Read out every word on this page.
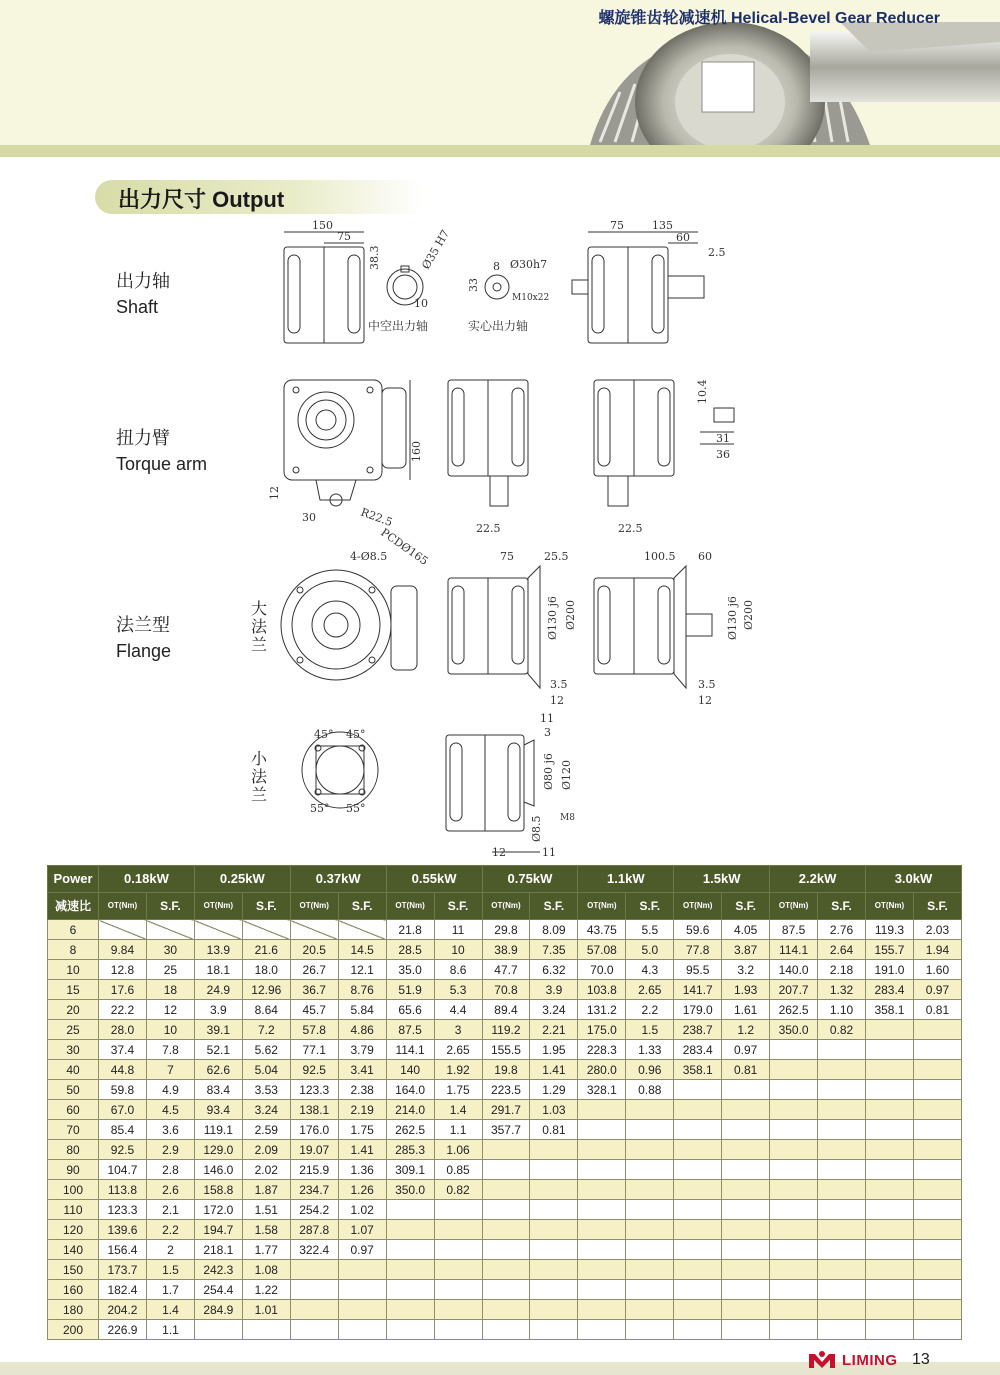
螺旋锥齿轮减速机 Helical-Bevel Gear Reducer
出力尺寸 Output
出力轴
Shaft
扭力臂
Torque arm
法兰型
Flange
大
法
兰
小
法
兰
150
75
38.3	Ø35 H7
10
中空出力轴
33
8 Ø30h7
M10x22
实心出力轴
75	135
60
2.5
160
12
30	R22.5	22.5	22.5
10.4
31
36
PCDØ165
4-Ø8.5	75	25.5
Ø130 j6 Ø200
3.5
12
100.5 60
Ø130 j6 Ø200
3.5
12
45° 45°
55° 55°
11
3
Ø80 j6 Ø120
M8
Ø8.5
12	11
Power	0.18kW		0.25kW		0.37kW		0.55kW		0.75kW		1.1kW		1.5kW		2.2kW		3.0kW	
减速比	OT(Nm)	S.F.	OT(Nm)	S.F.	OT(Nm)	S.F.	OT(Nm)	S.F.	OT(Nm)	S.F.	OT(Nm)	S.F.	OT(Nm)	S.F.	OT(Nm)	S.F.	OT(Nm)	S.F.
6							21.8	11	29.8	8.09	43.75	5.5	59.6	4.05	87.5	2.76	119.3	2.03
8	9.84	30	13.9	21.6	20.5	14.5	28.5	10	38.9	7.35	57.08	5.0	77.8	3.87	114.1	2.64	155.7	1.94
10	12.8	25	18.1	18.0	26.7	12.1	35.0	8.6	47.7	6.32	70.0	4.3	95.5	3.2	140.0	2.18	191.0	1.60
15	17.6	18	24.9	12.96	36.7	8.76	51.9	5.3	70.8	3.9	103.8	2.65	141.7	1.93	207.7	1.32	283.4	0.97
20	22.2	12	3.9	8.64	45.7	5.84	65.6	4.4	89.4	3.24	131.2	2.2	179.0	1.61	262.5	1.10	358.1	0.81
25	28.0	10	39.1	7.2	57.8	4.86	87.5	3	119.2	2.21	175.0	1.5	238.7	1.2	350.0	0.82		
30	37.4	7.8	52.1	5.62	77.1	3.79	114.1	2.65	155.5	1.95	228.3	1.33	283.4	0.97				
40	44.8	7	62.6	5.04	92.5	3.41	140	1.92	19.8	1.41	280.0	0.96	358.1	0.81				
50	59.8	4.9	83.4	3.53	123.3	2.38	164.0	1.75	223.5	1.29	328.1	0.88						
60	67.0	4.5	93.4	3.24	138.1	2.19	214.0	1.4	291.7	1.03								
70	85.4	3.6	119.1	2.59	176.0	1.75	262.5	1.1	357.7	0.81								
80	92.5	2.9	129.0	2.09	19.07	1.41	285.3	1.06										
90	104.7	2.8	146.0	2.02	215.9	1.36	309.1	0.85										
100	113.8	2.6	158.8	1.87	234.7	1.26	350.0	0.82										
110	123.3	2.1	172.0	1.51	254.2	1.02												
120	139.6	2.2	194.7	1.58	287.8	1.07												
140	156.4	2	218.1	1.77	322.4	0.97												
150	173.7	1.5	242.3	1.08														
160	182.4	1.7	254.4	1.22														
180	204.2	1.4	284.9	1.01														
200	226.9	1.1																
LIMING 13
